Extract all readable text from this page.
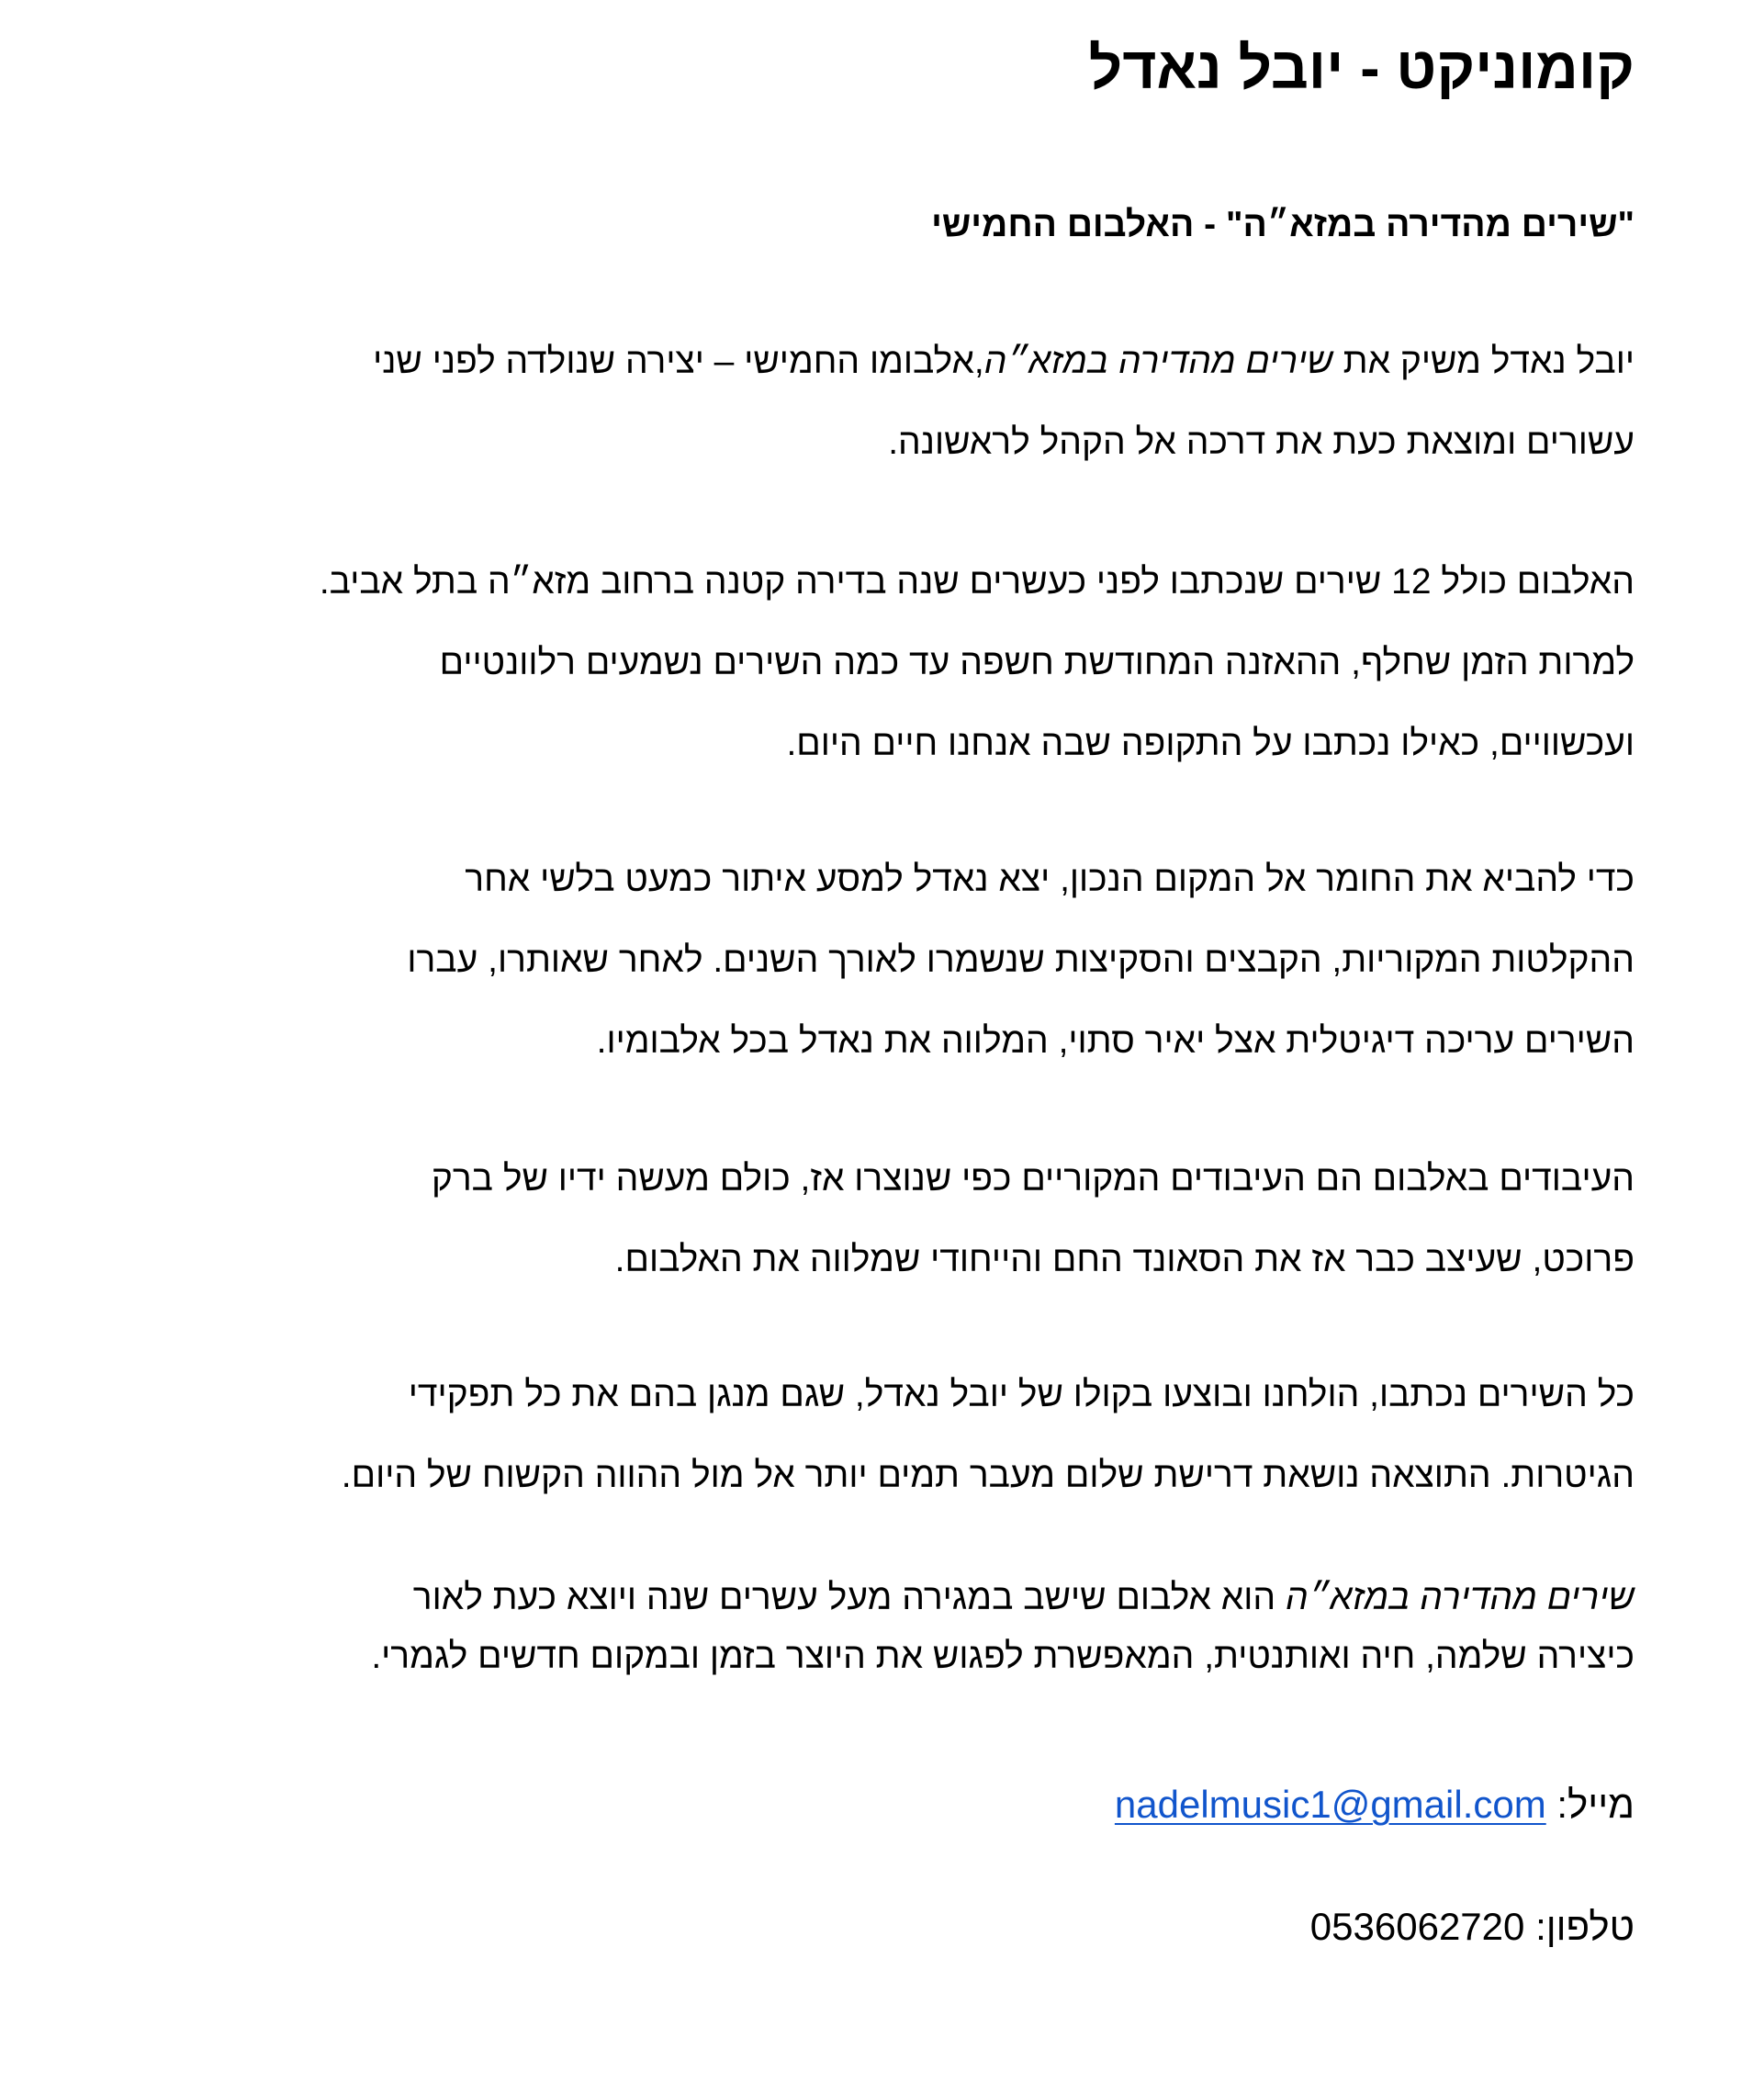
קומוניקט - יובל נאדל
"שירים מהדירה במזא״ה" - האלבום החמישי

יובל נאדל משיק את שירים מהדירה במזא״ה,אלבומו החמישי – יצירה שנולדה לפני שני
עשורים ומוצאת כעת את דרכה אל הקהל לראשונה.

האלבום כולל 12 שירים שנכתבו לפני כעשרים שנה בדירה קטנה ברחוב מזא״ה בתל אביב.
למרות הזמן שחלף, ההאזנה המחודשת חשפה עד כמה השירים נשמעים רלוונטיים
ועכשוויים, כאילו נכתבו על התקופה שבה אנחנו חיים היום.

כדי להביא את החומר אל המקום הנכון, יצא נאדל למסע איתור כמעט בלשי אחר
ההקלטות המקוריות, הקבצים והסקיצות שנשמרו לאורך השנים. לאחר שאותרו, עברו
השירים עריכה דיגיטלית אצל יאיר סתוי, המלווה את נאדל בכל אלבומיו.

העיבודים באלבום הם העיבודים המקוריים כפי שנוצרו אז, כולם מעשה ידיו של ברק
פרוכט, שעיצב כבר אז את הסאונד החם והייחודי שמלווה את האלבום.

כל השירים נכתבו, הולחנו ובוצעו בקולו של יובל נאדל, שגם מנגן בהם את כל תפקידי
הגיטרות. התוצאה נושאת דרישת שלום מעבר תמים יותר אל מול ההווה הקשוח של היום.

שירים מהדירה במזא״ה הוא אלבום שישב במגירה מעל עשרים שנה ויוצא כעת לאור
כיצירה שלמה, חיה ואותנטית, המאפשרת לפגוש את היוצר בזמן ובמקום חדשים לגמרי.

מייל: nadelmusic1@gmail.com

טלפון: 0536062720
